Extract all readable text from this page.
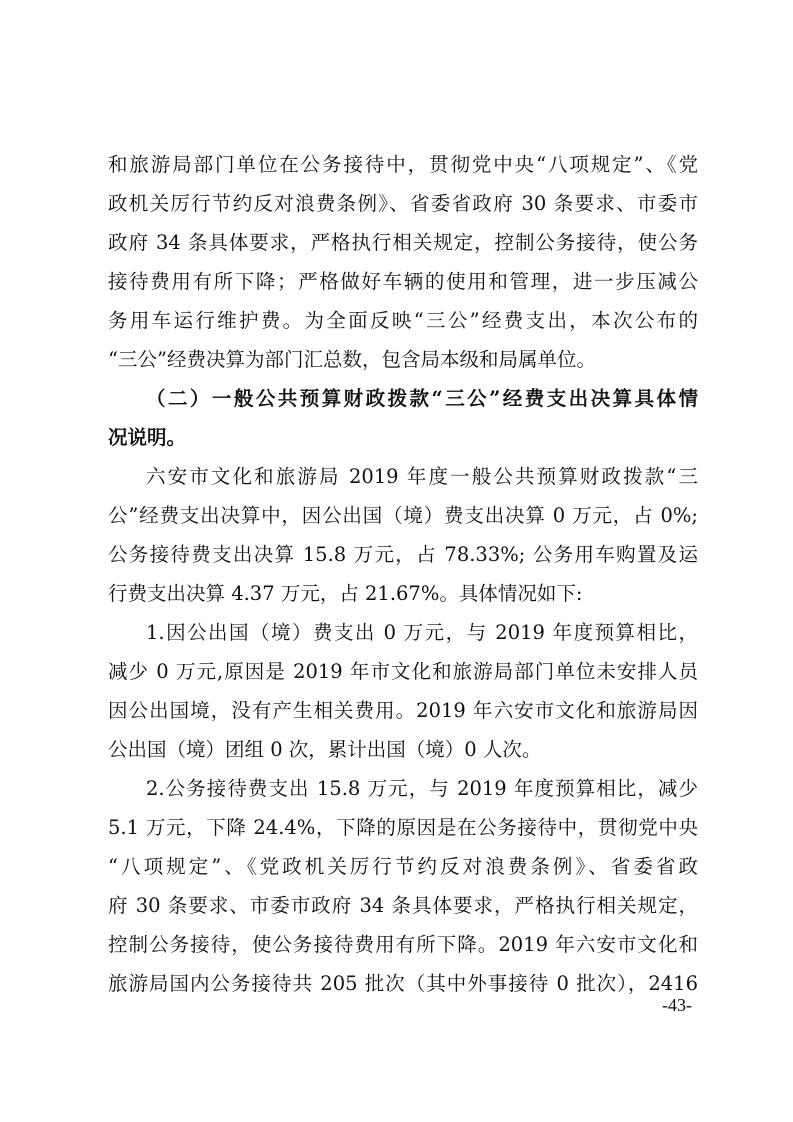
和旅游局部门单位在公务接待中，贯彻党中央“八项规定”、《党
政机关厉行节约反对浪费条例》、省委省政府 30 条要求、市委市
政府 34 条具体要求，严格执行相关规定，控制公务接待，使公务
接待费用有所下降；严格做好车辆的使用和管理，进一步压减公
务用车运行维护费。为全面反映“三公”经费支出，本次公布的
“三公”经费决算为部门汇总数，包含局本级和局属单位。
（二）一般公共预算财政拨款“三公”经费支出决算具体情
况说明。
六安市文化和旅游局 2019 年度一般公共预算财政拨款“三
公”经费支出决算中，因公出国（境）费支出决算 0 万元，占 0%;
公务接待费支出决算 15.8 万元，占 78.33%; 公务用车购置及运
行费支出决算 4.37 万元，占 21.67%。具体情况如下:
1.因公出国（境）费支出 0 万元，与 2019 年度预算相比，
减少 0 万元,原因是 2019 年市文化和旅游局部门单位未安排人员
因公出国境，没有产生相关费用。2019 年六安市文化和旅游局因
公出国（境）团组 0 次，累计出国（境）0 人次。
2.公务接待费支出 15.8 万元，与 2019 年度预算相比，减少
5.1 万元，下降 24.4%，下降的原因是在公务接待中，贯彻党中央
“八项规定”、《党政机关厉行节约反对浪费条例》、省委省政
府 30 条要求、市委市政府 34 条具体要求，严格执行相关规定，
控制公务接待，使公务接待费用有所下降。2019 年六安市文化和
旅游局国内公务接待共 205 批次（其中外事接待 0 批次），2416
-43-
